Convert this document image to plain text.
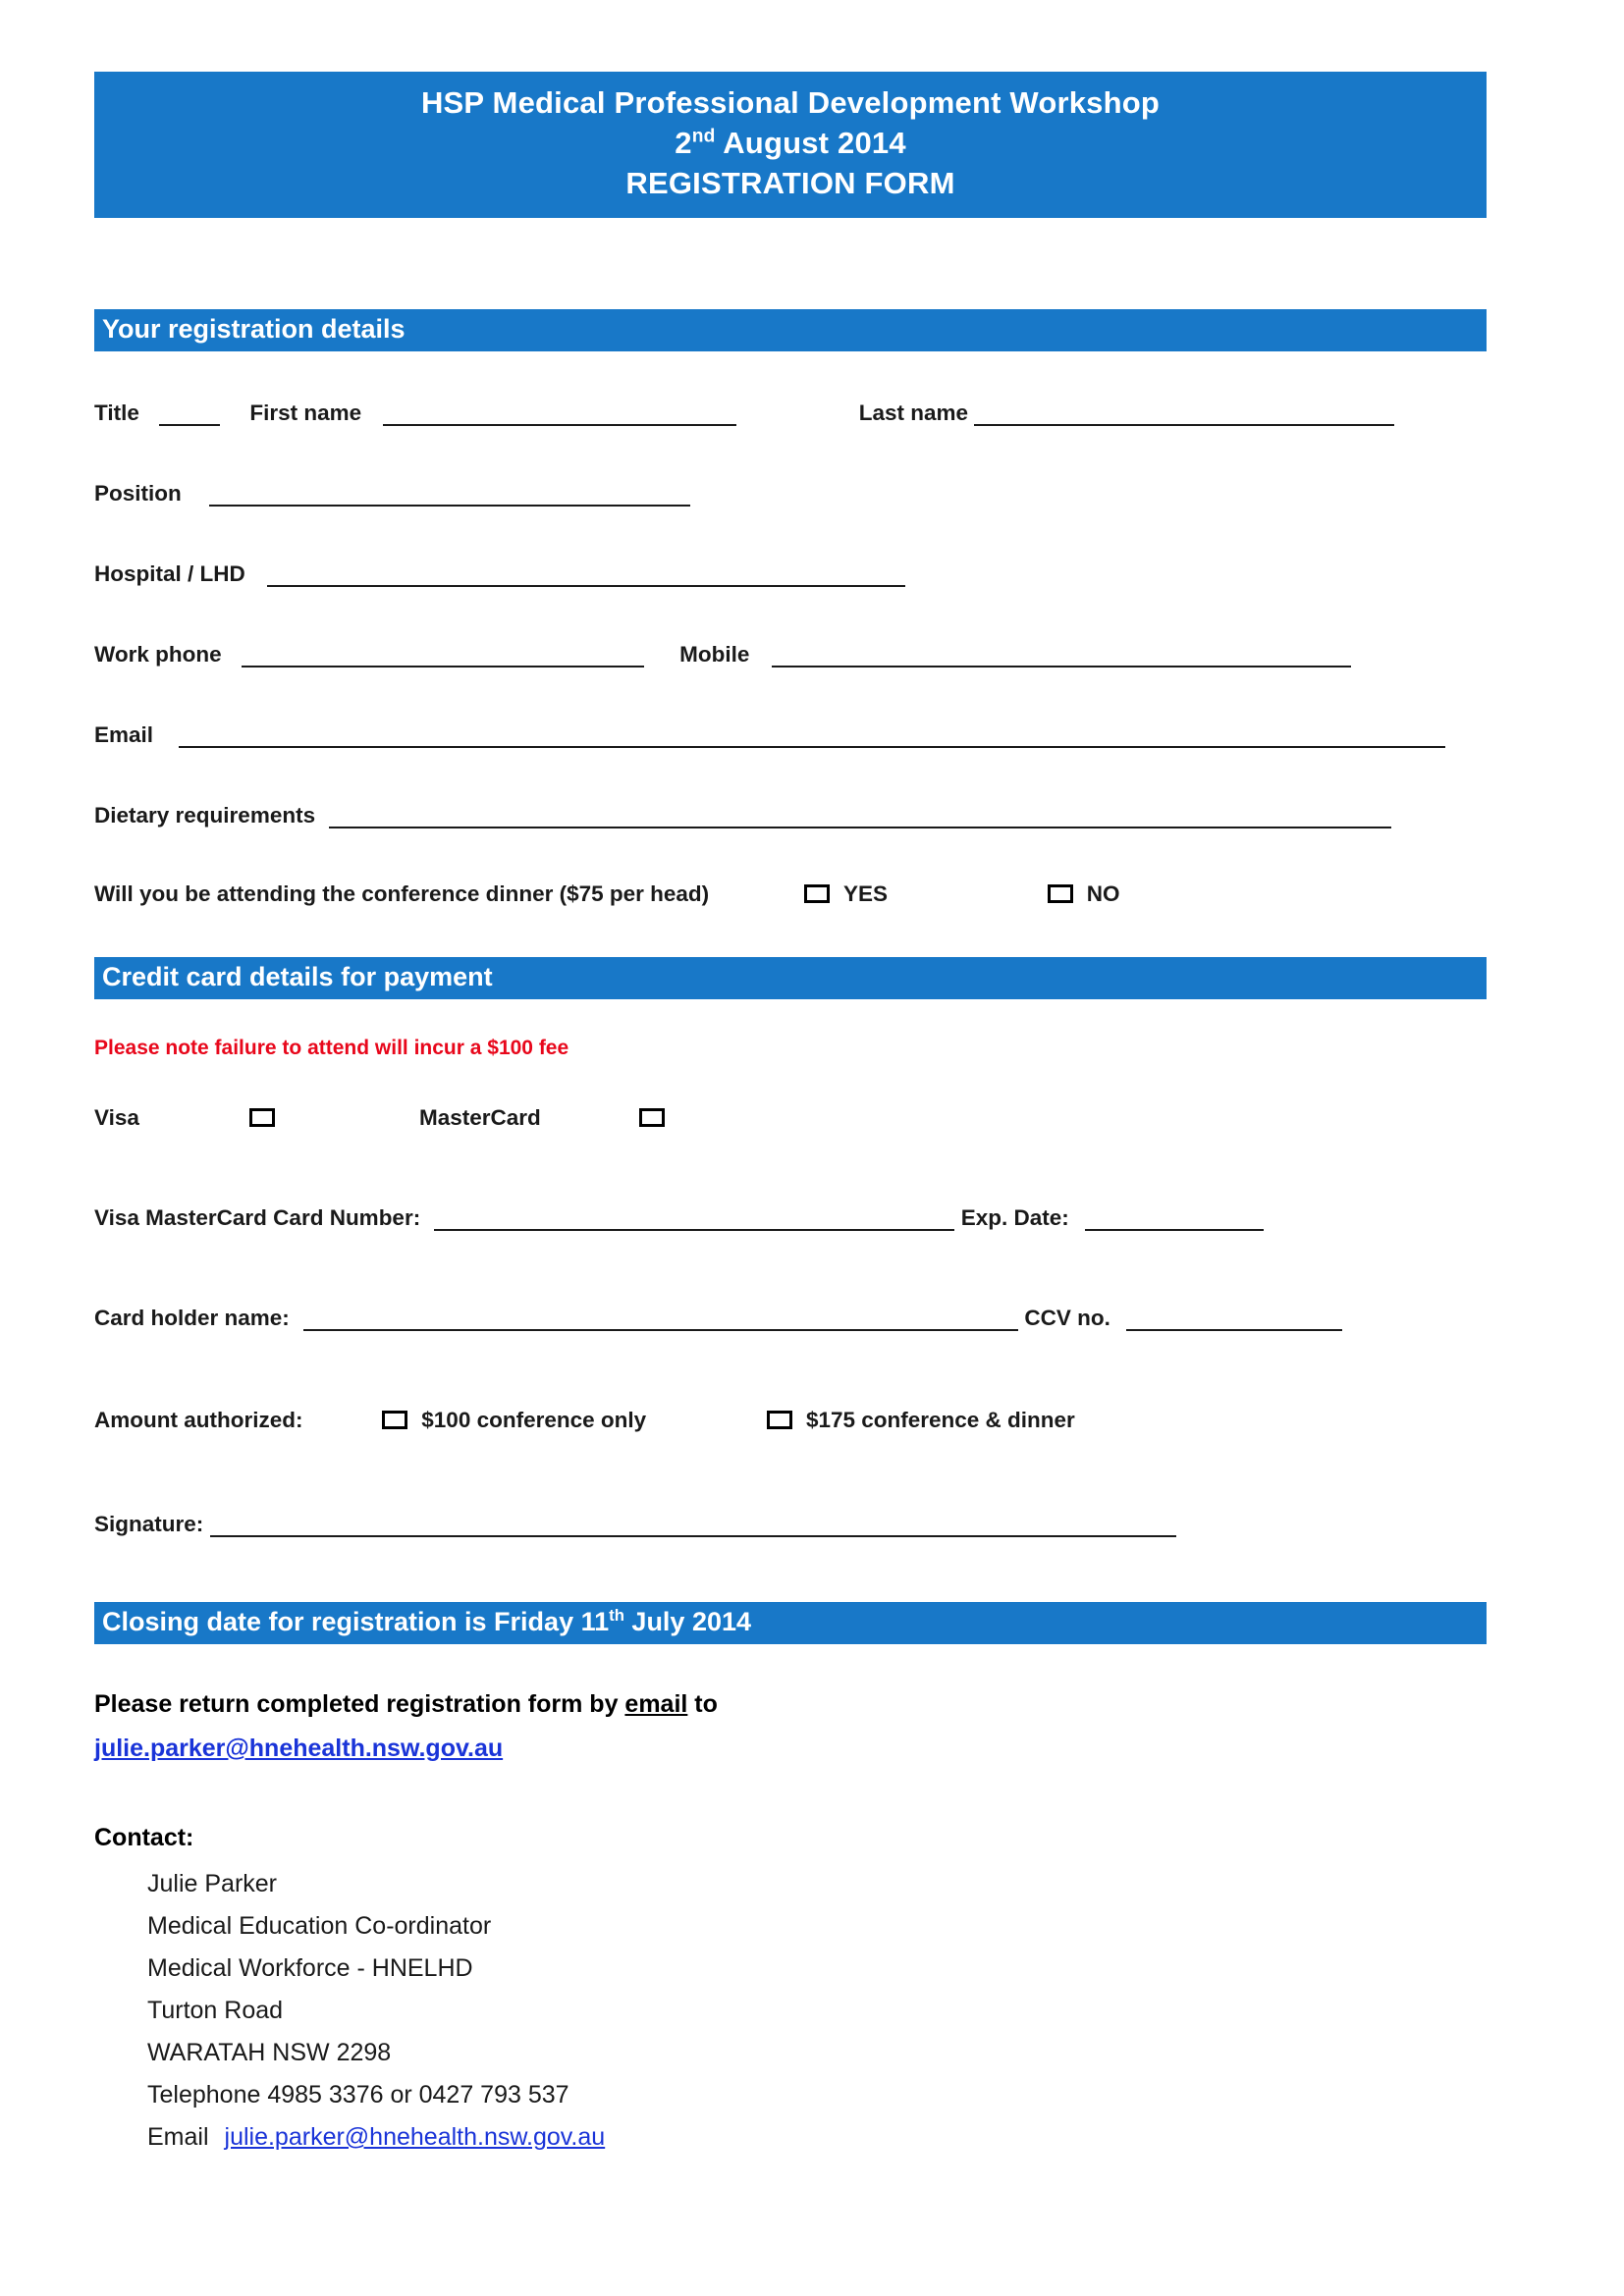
HSP Medical Professional Development Workshop
2nd August 2014
REGISTRATION FORM
Your registration details
Title	First name	Last name
Position
Hospital / LHD
Work phone	Mobile
Email
Dietary requirements
Will you be attending the conference dinner ($75 per head)	YES	NO
Credit card details for payment
Please note failure to attend will incur a $100 fee
Visa	MasterCard
Visa MasterCard Card Number:	Exp. Date:
Card holder name:	CCV no.
Amount authorized:	$100 conference only	$175 conference & dinner
Signature:
Closing date for registration is Friday 11th July 2014
Please return completed registration form by email to
julie.parker@hnehealth.nsw.gov.au
Contact:
Julie Parker
Medical Education Co-ordinator
Medical Workforce - HNELHD
Turton Road
WARATAH NSW 2298
Telephone 4985 3376 or 0427 793 537
Email julie.parker@hnehealth.nsw.gov.au
